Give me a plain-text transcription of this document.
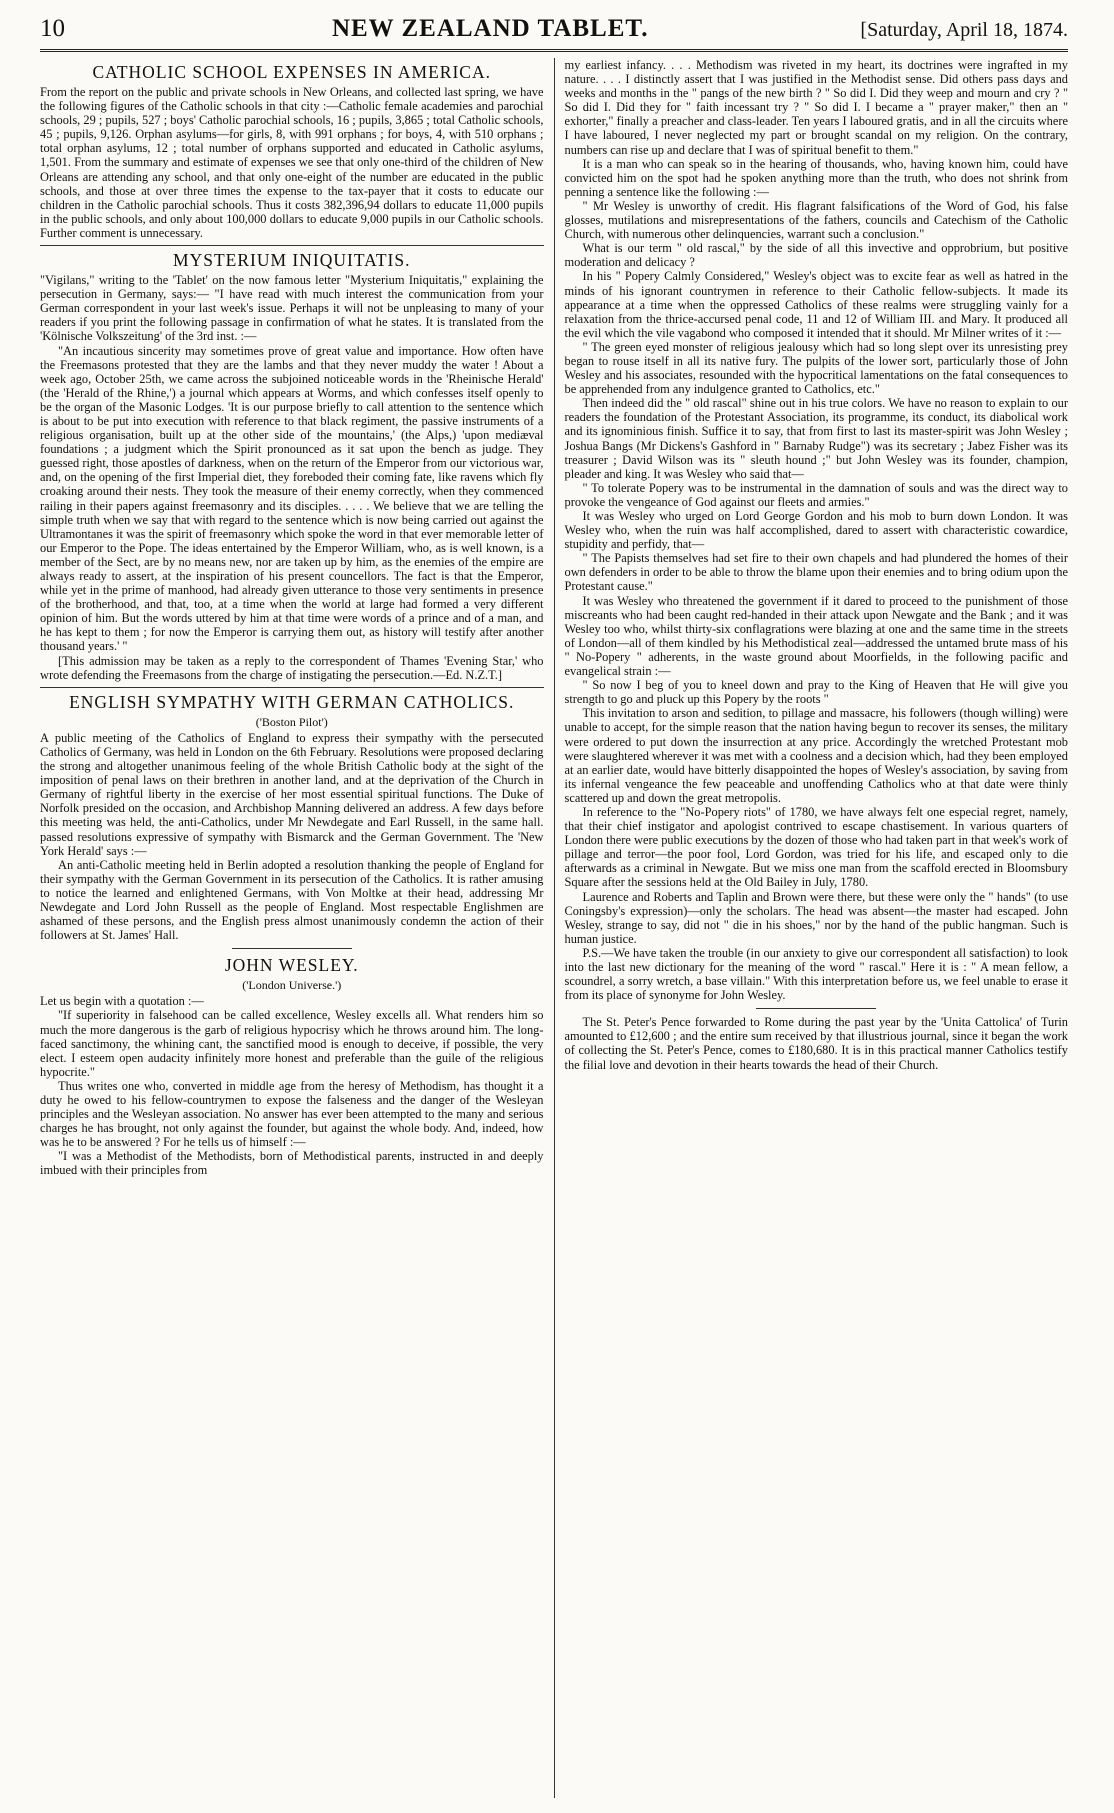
10	NEW ZEALAND TABLET.	[Saturday, April 18, 1874.
CATHOLIC SCHOOL EXPENSES IN AMERICA.

From the report on the public and private schools in New Orleans, and collected last spring, we have the following figures of the Catholic schools in that city :—Catholic female academies and parochial schools, 29 ; pupils, 527 ; boys' Catholic parochial schools, 16 ; pupils, 3,865 ; total Catholic schools, 45 ; pupils, 9,126. Orphan asylums—for girls, 8, with 991 orphans ; for boys, 4, with 510 orphans ; total orphan asylums, 12 ; total number of orphans supported and educated in Catholic asylums, 1,501. From the summary and estimate of expenses we see that only one-third of the children of New Orleans are attending any school, and that only one-eight of the number are educated in the public schools, and those at over three times the expense to the tax-payer that it costs to educate our children in the Catholic parochial schools. Thus it costs 382,396,94 dollars to educate 11,000 pupils in the public schools, and only about 100,000 dollars to educate 9,000 pupils in our Catholic schools. Further comment is unnecessary.

MYSTERIUM INIQUITATIS.

"Vigilans," writing to the 'Tablet' on the now famous letter "Mysterium Iniquitatis," explaining the persecution in Germany, says:— "I have read with much interest the communication from your German correspondent in your last week's issue. Perhaps it will not be unpleasing to many of your readers if you print the following passage in confirmation of what he states. It is translated from the 'Kölnische Volkszeitung' of the 3rd inst. :—

"An incautious sincerity may sometimes prove of great value and importance. How often have the Freemasons protested that they are the lambs and that they never muddy the water ! About a week ago, October 25th, we came across the subjoined noticeable words in the 'Rheinische Herald' (the 'Herald of the Rhine,') a journal which appears at Worms, and which confesses itself openly to be the organ of the Masonic Lodges. 'It is our purpose briefly to call attention to the sentence which is about to be put into execution with reference to that black regiment, the passive instruments of a religious organisation, built up at the other side of the mountains,' (the Alps,) 'upon mediæval foundations ; a judgment which the Spirit pronounced as it sat upon the bench as judge. They guessed right, those apostles of darkness, when on the return of the Emperor from our victorious war, and, on the opening of the first Imperial diet, they foreboded their coming fate, like ravens which fly croaking around their nests. They took the measure of their enemy correctly, when they commenced railing in their papers against freemasonry and its disciples. . . . . We believe that we are telling the simple truth when we say that with regard to the sentence which is now being carried out against the Ultramontanes it was the spirit of freemasonry which spoke the word in that ever memorable letter of our Emperor to the Pope. The ideas entertained by the Emperor William, who, as is well known, is a member of the Sect, are by no means new, nor are taken up by him, as the enemies of the empire are always ready to assert, at the inspiration of his present councellors. The fact is that the Emperor, while yet in the prime of manhood, had already given utterance to those very sentiments in presence of the brotherhood, and that, too, at a time when the world at large had formed a very different opinion of him. But the words uttered by him at that time were words of a prince and of a man, and he has kept to them ; for now the Emperor is carrying them out, as history will testify after another thousand years.' "

[This admission may be taken as a reply to the correspondent of Thames 'Evening Star,' who wrote defending the Freemasons from the charge of instigating the persecution.—Ed. N.Z.T.]

ENGLISH SYMPATHY WITH GERMAN CATHOLICS.
('Boston Pilot')

A public meeting of the Catholics of England to express their sympathy with the persecuted Catholics of Germany, was held in London on the 6th February. Resolutions were proposed declaring the strong and altogether unanimous feeling of the whole British Catholic body at the sight of the imposition of penal laws on their brethren in another land, and at the deprivation of the Church in Germany of rightful liberty in the exercise of her most essential spiritual functions. The Duke of Norfolk presided on the occasion, and Archbishop Manning delivered an address. A few days before this meeting was held, the anti-Catholics, under Mr Newdegate and Earl Russell, in the same hall. passed resolutions expressive of sympathy with Bismarck and the German Government. The 'New York Herald' says :—

An anti-Catholic meeting held in Berlin adopted a resolution thanking the people of England for their sympathy with the German Government in its persecution of the Catholics. It is rather amusing to notice the learned and enlightened Germans, with Von Moltke at their head, addressing Mr Newdegate and Lord John Russell as the people of England. Most respectable Englishmen are ashamed of these persons, and the English press almost unanimously condemn the action of their followers at St. James' Hall.

JOHN WESLEY.
('London Universe.')

Let us begin with a quotation :—

"If superiority in falsehood can be called excellence, Wesley excells all. What renders him so much the more dangerous is the garb of religious hypocrisy which he throws around him. The long-faced sanctimony, the whining cant, the sanctified mood is enough to deceive, if possible, the very elect. I esteem open audacity infinitely more honest and preferable than the guile of the religious hypocrite."

Thus writes one who, converted in middle age from the heresy of Methodism, has thought it a duty he owed to his fellow-countrymen to expose the falseness and the danger of the Wesleyan principles and the Wesleyan association. No answer has ever been attempted to the many and serious charges he has brought, not only against the founder, but against the whole body. And, indeed, how was he to be answered ? For he tells us of himself :—

"I was a Methodist of the Methodists, born of Methodistical parents, instructed in and deeply imbued with their principles from

my earliest infancy. . . . Methodism was riveted in my heart, its doctrines were ingrafted in my nature. . . . I distinctly assert that I was justified in the Methodist sense. Did others pass days and weeks and months in the " pangs of the new birth ? " So did I. Did they weep and mourn and cry ? " So did I. Did they for " faith incessant try ? " So did I. I became a " prayer maker," then an " exhorter," finally a preacher and class-leader. Ten years I laboured gratis, and in all the circuits where I have laboured, I never neglected my part or brought scandal on my religion. On the contrary, numbers can rise up and declare that I was of spiritual benefit to them."

It is a man who can speak so in the hearing of thousands, who, having known him, could have convicted him on the spot had he spoken anything more than the truth, who does not shrink from penning a sentence like the following :—

" Mr Wesley is unworthy of credit. His flagrant falsifications of the Word of God, his false glosses, mutilations and misrepresentations of the fathers, councils and Catechism of the Catholic Church, with numerous other delinquencies, warrant such a conclusion."

What is our term " old rascal," by the side of all this invective and opprobrium, but positive moderation and delicacy ?

In his " Popery Calmly Considered," Wesley's object was to excite fear as well as hatred in the minds of his ignorant countrymen in reference to their Catholic fellow-subjects. It made its appearance at a time when the oppressed Catholics of these realms were struggling vainly for a relaxation from the thrice-accursed penal code, 11 and 12 of William III. and Mary. It produced all the evil which the vile vagabond who composed it intended that it should. Mr Milner writes of it :—

" The green eyed monster of religious jealousy which had so long slept over its unresisting prey began to rouse itself in all its native fury. The pulpits of the lower sort, particularly those of John Wesley and his associates, resounded with the hypocritical lamentations on the fatal consequences to be apprehended from any indulgence granted to Catholics, etc."

Then indeed did the " old rascal" shine out in his true colors. We have no reason to explain to our readers the foundation of the Protestant Association, its programme, its conduct, its diabolical work and its ignominious finish. Suffice it to say, that from first to last its master-spirit was John Wesley ; Joshua Bangs (Mr Dickens's Gashford in " Barnaby Rudge") was its secretary ; Jabez Fisher was its treasurer ; David Wilson was its " sleuth hound ;" but John Wesley was its founder, champion, pleader and king. It was Wesley who said that—

" To tolerate Popery was to be instrumental in the damnation of souls and was the direct way to provoke the vengeance of God against our fleets and armies."

It was Wesley who urged on Lord George Gordon and his mob to burn down London. It was Wesley who, when the ruin was half accomplished, dared to assert with characteristic cowardice, stupidity and perfidy, that—

" The Papists themselves had set fire to their own chapels and had plundered the homes of their own defenders in order to be able to throw the blame upon their enemies and to bring odium upon the Protestant cause."

It was Wesley who threatened the government if it dared to proceed to the punishment of those miscreants who had been caught red-handed in their attack upon Newgate and the Bank ; and it was Wesley too who, whilst thirty-six conflagrations were blazing at one and the same time in the streets of London—all of them kindled by his Methodistical zeal—addressed the untamed brute mass of his " No-Popery " adherents, in the waste ground about Moorfields, in the following pacific and evangelical strain :—

" So now I beg of you to kneel down and pray to the King of Heaven that He will give you strength to go and pluck up this Popery by the roots "

This invitation to arson and sedition, to pillage and massacre, his followers (though willing) were unable to accept, for the simple reason that the nation having begun to recover its senses, the military were ordered to put down the insurrection at any price. Accordingly the wretched Protestant mob were slaughtered wherever it was met with a coolness and a decision which, had they been employed at an earlier date, would have bitterly disappointed the hopes of Wesley's association, by saving from its infernal vengeance the few peaceable and unoffending Catholics who at that date were thinly scattered up and down the great metropolis.

In reference to the "No-Popery riots" of 1780, we have always felt one especial regret, namely, that their chief instigator and apologist contrived to escape chastisement. In various quarters of London there were public executions by the dozen of those who had taken part in that week's work of pillage and terror—the poor fool, Lord Gordon, was tried for his life, and escaped only to die afterwards as a criminal in Newgate. But we miss one man from the scaffold erected in Bloomsbury Square after the sessions held at the Old Bailey in July, 1780.

Laurence and Roberts and Taplin and Brown were there, but these were only the " hands" (to use Coningsby's expression)—only the scholars. The head was absent—the master had escaped. John Wesley, strange to say, did not " die in his shoes," nor by the hand of the public hangman. Such is human justice.

P.S.—We have taken the trouble (in our anxiety to give our correspondent all satisfaction) to look into the last new dictionary for the meaning of the word " rascal." Here it is : " A mean fellow, a scoundrel, a sorry wretch, a base villain." With this interpretation before us, we feel unable to erase it from its place of synonyme for John Wesley.

The St. Peter's Pence forwarded to Rome during the past year by the 'Unita Cattolica' of Turin amounted to £12,600 ; and the entire sum received by that illustrious journal, since it began the work of collecting the St. Peter's Pence, comes to £180,680. It is in this practical manner Catholics testify the filial love and devotion in their hearts towards the head of their Church.
